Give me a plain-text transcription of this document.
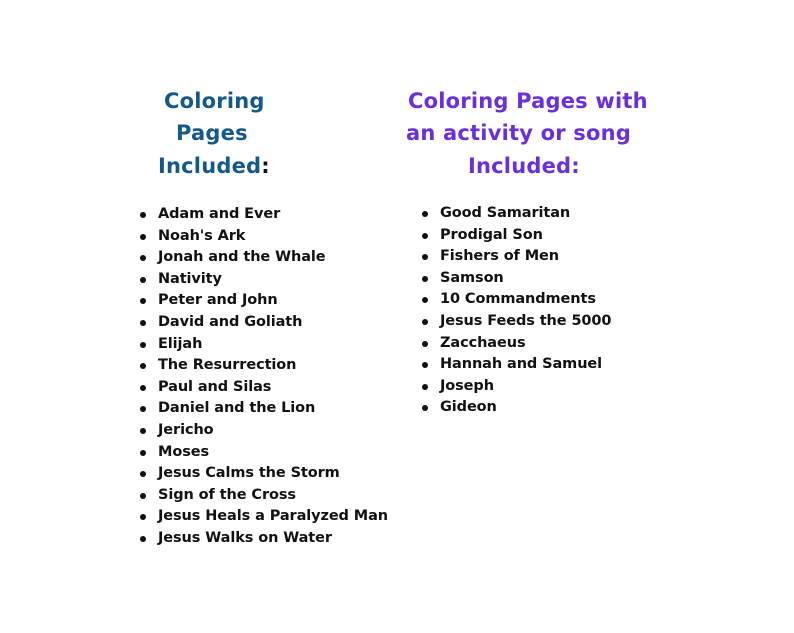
Coloring

Pages

Included:

Coloring Pages with

an activity or song

Included:

Adam and Ever
Noah's Ark
Jonah and the Whale
Nativity
Peter and John
David and Goliath
Elijah
The Resurrection
Paul and Silas
Daniel and the Lion
Jericho
Moses
Jesus Calms the Storm
Sign of the Cross
Jesus Heals a Paralyzed Man
Jesus Walks on Water
Good Samaritan
Prodigal Son
Fishers of Men
Samson
10 Commandments
Jesus Feeds the 5000
Zacchaeus
Hannah and Samuel
Joseph
Gideon
